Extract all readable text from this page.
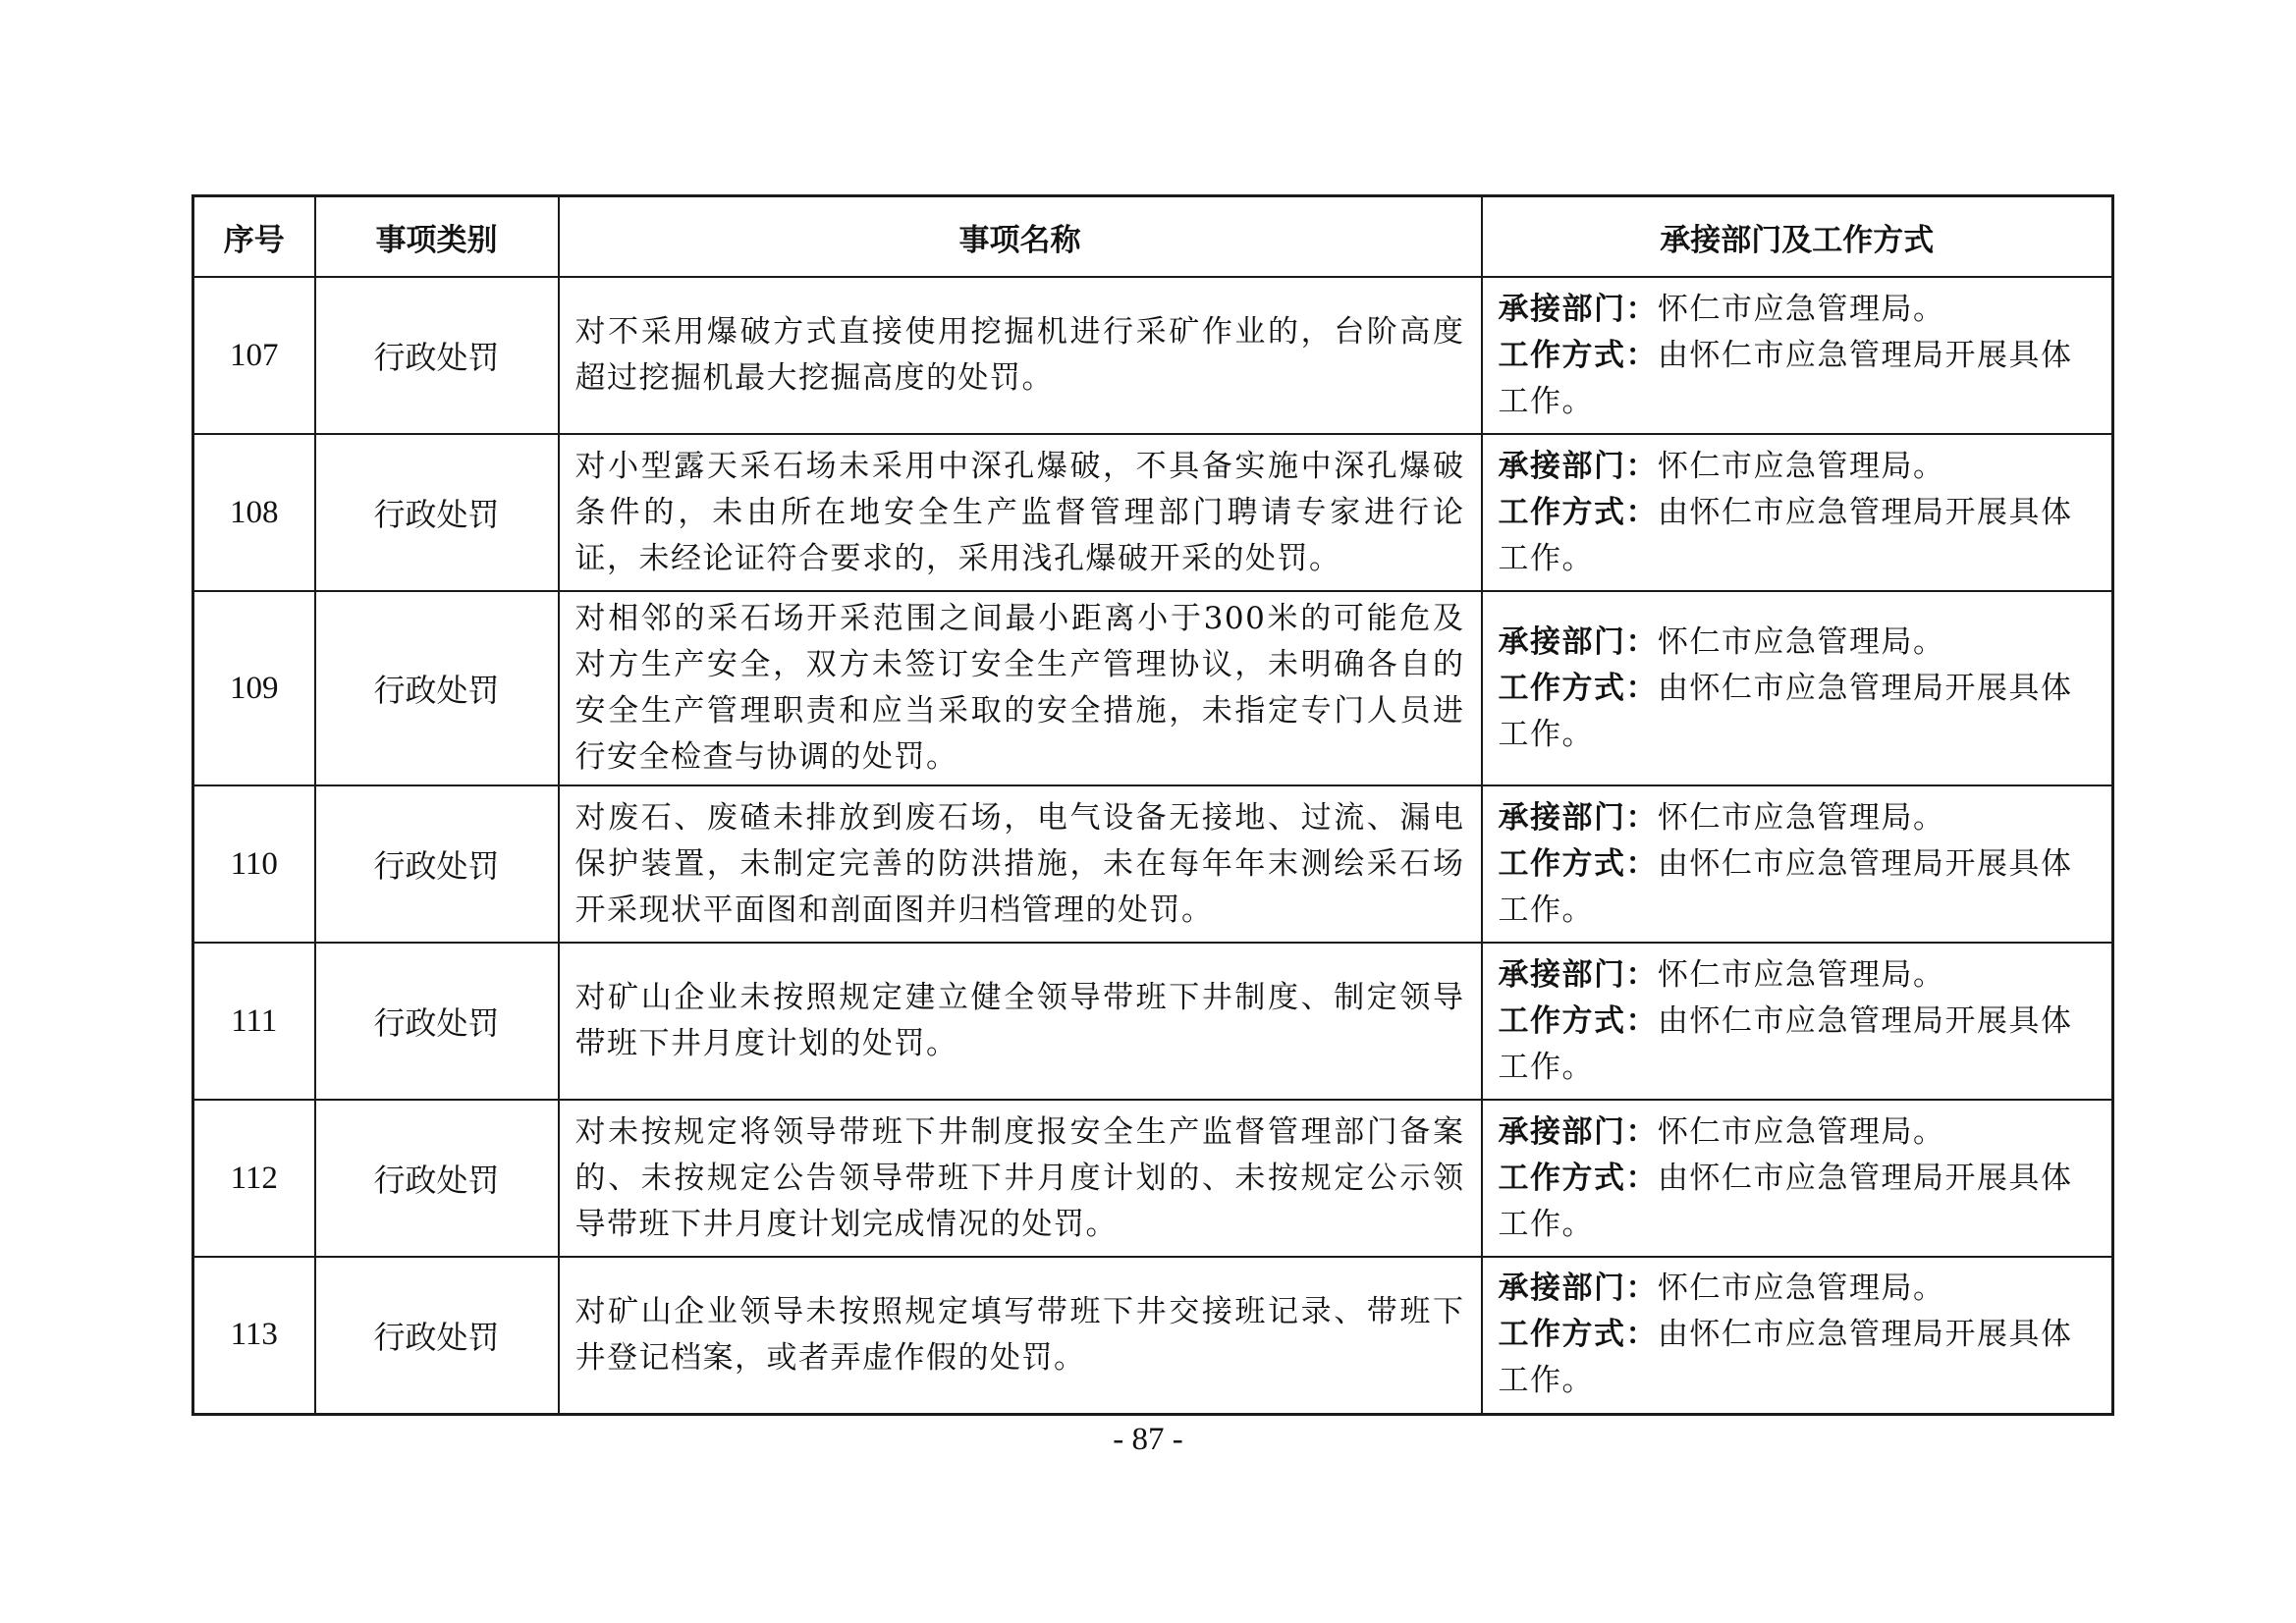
序号	事项类别	事项名称	承接部门及工作方式
107	行政处罚	对不采用爆破方式直接使用挖掘机进行采矿作业的，台阶高度超过挖掘机最大挖掘高度的处罚。	承接部门：怀仁市应急管理局。
工作方式：由怀仁市应急管理局开展具体工作。

108	行政处罚	对小型露天采石场未采用中深孔爆破，不具备实施中深孔爆破条件的，未由所在地安全生产监督管理部门聘请专家进行论证，未经论证符合要求的，采用浅孔爆破开采的处罚。	承接部门：怀仁市应急管理局。
工作方式：由怀仁市应急管理局开展具体工作。

109	行政处罚	对相邻的采石场开采范围之间最小距离小于300米的可能危及对方生产安全，双方未签订安全生产管理协议，未明确各自的安全生产管理职责和应当采取的安全措施，未指定专门人员进行安全检查与协调的处罚。	承接部门：怀仁市应急管理局。
工作方式：由怀仁市应急管理局开展具体工作。

110	行政处罚	对废石、废碴未排放到废石场，电气设备无接地、过流、漏电保护装置，未制定完善的防洪措施，未在每年年末测绘采石场开采现状平面图和剖面图并归档管理的处罚。	承接部门：怀仁市应急管理局。
工作方式：由怀仁市应急管理局开展具体工作。

111	行政处罚	对矿山企业未按照规定建立健全领导带班下井制度、制定领导带班下井月度计划的处罚。	承接部门：怀仁市应急管理局。
工作方式：由怀仁市应急管理局开展具体工作。

112	行政处罚	对未按规定将领导带班下井制度报安全生产监督管理部门备案的、未按规定公告领导带班下井月度计划的、未按规定公示领导带班下井月度计划完成情况的处罚。	承接部门：怀仁市应急管理局。
工作方式：由怀仁市应急管理局开展具体工作。

113	行政处罚	对矿山企业领导未按照规定填写带班下井交接班记录、带班下井登记档案，或者弄虚作假的处罚。	承接部门：怀仁市应急管理局。
工作方式：由怀仁市应急管理局开展具体工作。
- 87 -
